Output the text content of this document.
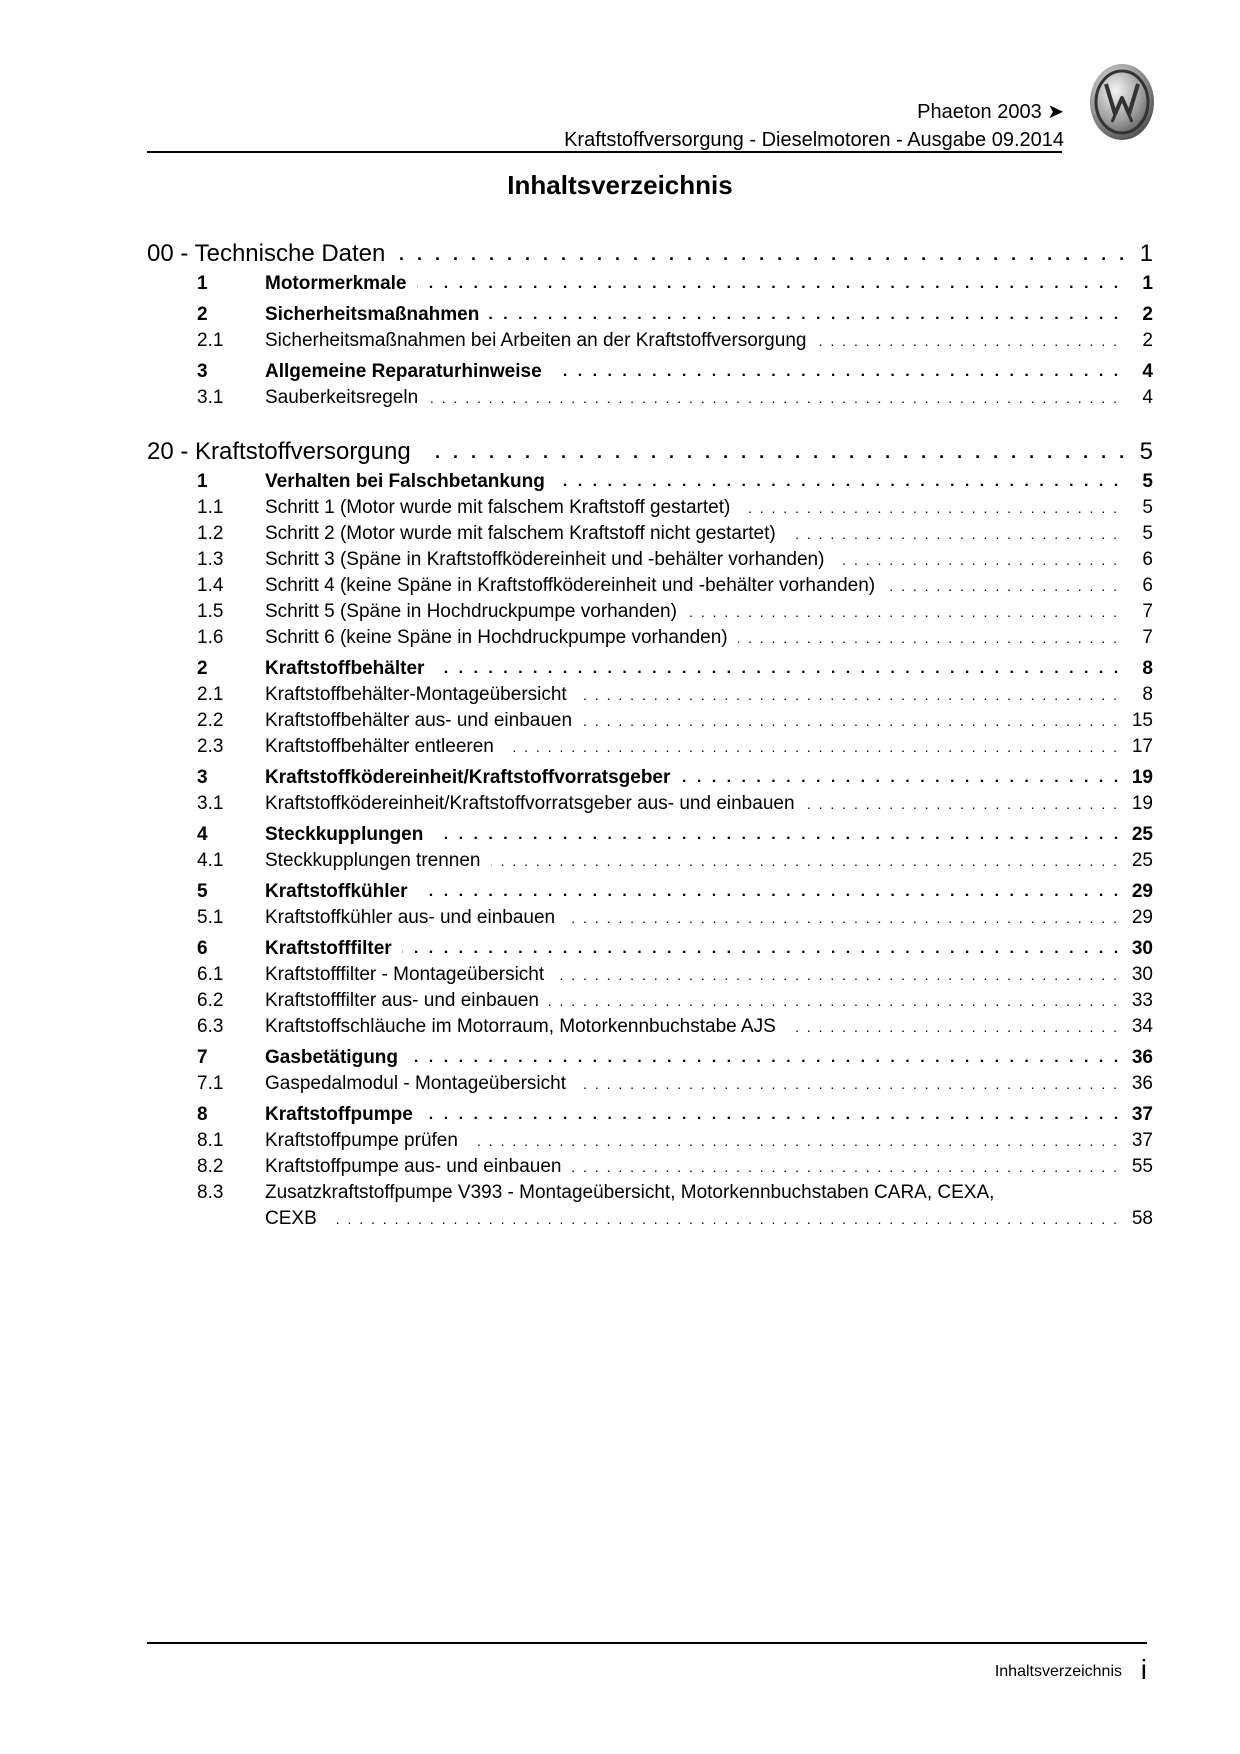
Phaeton 2003 ➤
Kraftstoffversorgung - Dieselmotoren - Ausgabe 09.2014
Inhaltsverzeichnis
00 - Technische Daten . . .	1
1	Motormerkmale . . .	1
2	Sicherheitsmaßnahmen . . .	2
2.1 Sicherheitsmaßnahmen bei Arbeiten an der Kraftstoffversorgung . . .	2
3	Allgemeine Reparaturhinweise . . .	4
3.1 Sauberkeitsregeln . . .	4
20 - Kraftstoffversorgung . . .	5
1	Verhalten bei Falschbetankung . . .	5
1.1 Schritt 1 (Motor wurde mit falschem Kraftstoff gestartet) . . .	5
1.2 Schritt 2 (Motor wurde mit falschem Kraftstoff nicht gestartet) . . .	5
1.3 Schritt 3 (Späne in Kraftstoffködereinheit und -behälter vorhanden) . . .	6
1.4 Schritt 4 (keine Späne in Kraftstoffködereinheit und -behälter vorhanden) . . .	6
1.5 Schritt 5 (Späne in Hochdruckpumpe vorhanden) . . .	7
1.6 Schritt 6 (keine Späne in Hochdruckpumpe vorhanden) . . .	7
2	Kraftstoffbehälter . . .	8
2.1 Kraftstoffbehälter-Montageübersicht . . .	8
2.2 Kraftstoffbehälter aus- und einbauen . . .	15
2.3 Kraftstoffbehälter entleeren . . .	17
3	Kraftstoffködereinheit/Kraftstoffvorratsgeber . . .	19
3.1 Kraftstoffködereinheit/Kraftstoffvorratsgeber aus- und einbauen . . .	19
4	Steckkupplungen . . .	25
4.1 Steckkupplungen trennen . . .	25
5	Kraftstoffkühler . . .	29
5.1 Kraftstoffkühler aus- und einbauen . . .	29
6	Kraftstofffilter . . .	30
6.1 Kraftstofffilter - Montageübersicht . . .	30
6.2 Kraftstofffilter aus- und einbauen . . .	33
6.3 Kraftstoffschläuche im Motorraum, Motorkennbuchstabe AJS . . .	34
7	Gasbetätigung . . .	36
7.1 Gaspedalmodul - Montageübersicht . . .	36
8	Kraftstoffpumpe . . .	37
8.1 Kraftstoffpumpe prüfen . . .	37
8.2 Kraftstoffpumpe aus- und einbauen . . .	55
8.3 Zusatzkraftstoffpumpe V393 - Montageübersicht, Motorkennbuchstaben CARA, CEXA,
CEXB . . .	58
Inhaltsverzeichnis i
